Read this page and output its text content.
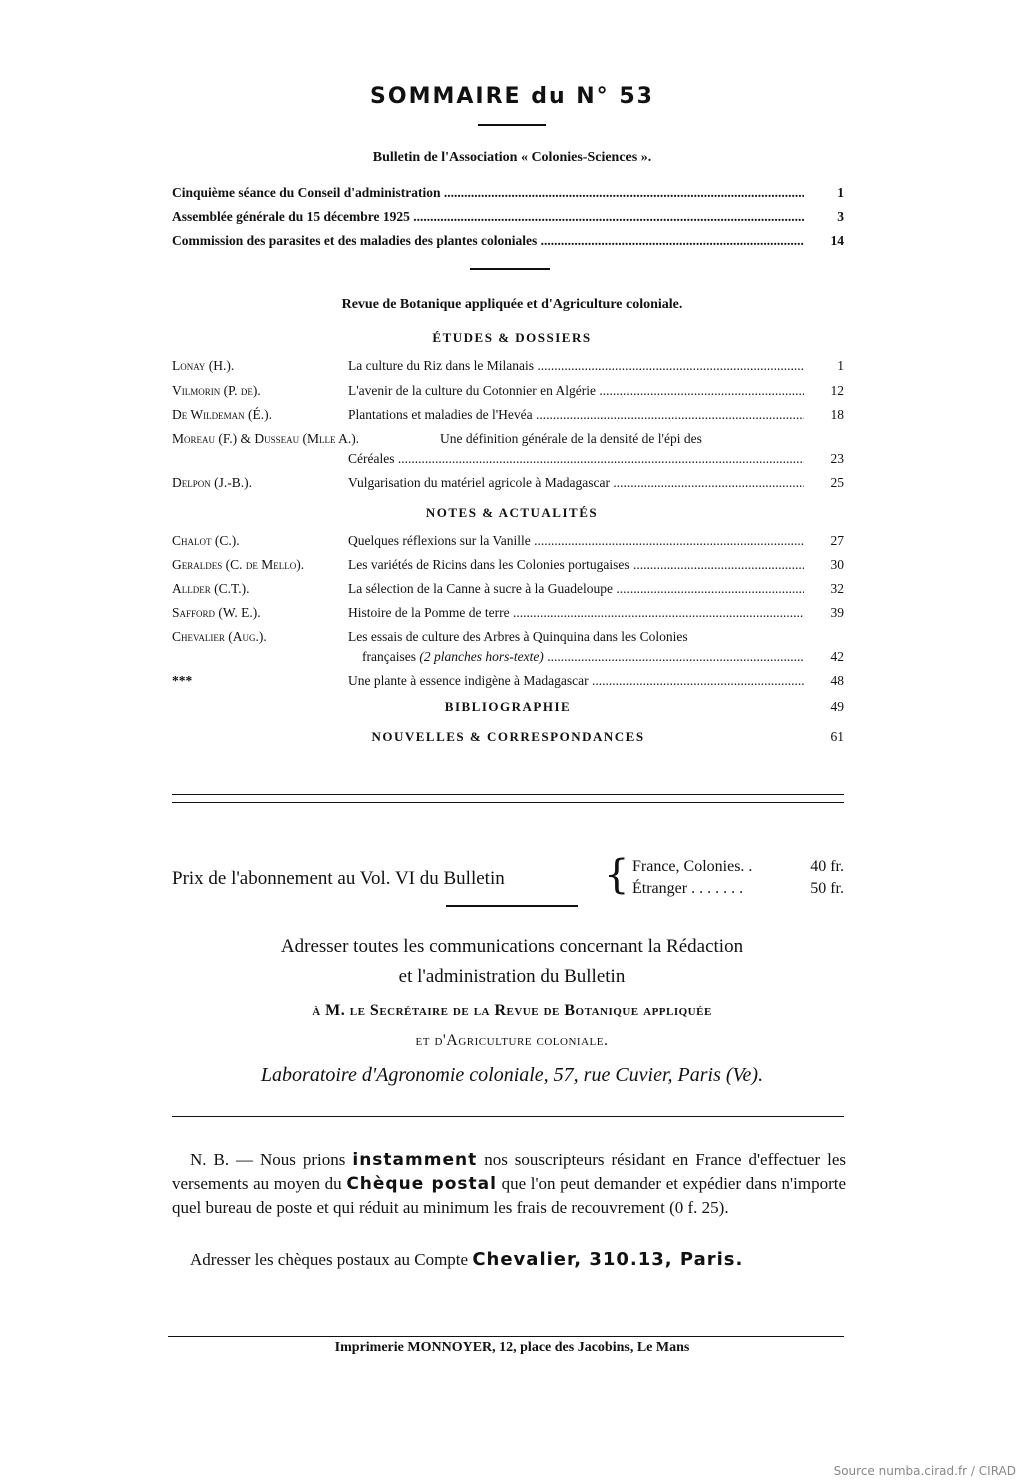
SOMMAIRE du N° 53
Bulletin de l'Association « Colonies-Sciences ».
Cinquième séance du Conseil d'administration .....	1
Assemblée générale du 15 décembre 1925 .....	3
Commission des parasites et des maladies des plantes coloniales .....	14
Revue de Botanique appliquée et d'Agriculture coloniale.
ÉTUDES & DOSSIERS
Lonay (H.).	La culture du Riz dans le Milanais .....	1
Vilmorin (P. de).	L'avenir de la culture du Cotonnier en Algérie .....	12
De Wildeman (É.).	Plantations et maladies de l'Hevéa .....	18
Moreau (F.) & Dusseau (Mlle A.).	Une définition générale de la densité de l'épi des
Céréales .....	23
Delpon (J.-B.).	Vulgarisation du matériel agricole à Madagascar .....	25
NOTES & ACTUALITÉS
Chalot (C.).	Quelques réflexions sur la Vanille .....	27
Geraldes (C. de Mello).	Les variétés de Ricins dans les Colonies portugaises .....	30
Allder (C.T.).	La sélection de la Canne à sucre à la Guadeloupe .....	32
Safford (W. E.).	Histoire de la Pomme de terre .....	39
Chevalier (Aug.).	Les essais de culture des Arbres à Quinquina dans les Colonies
françaises (2 planches hors-texte) .....	42
***	Une plante à essence indigène à Madagascar .....	48
BIBLIOGRAPHIE	49
NOUVELLES & CORRESPONDANCES	61
Prix de l'abonnement au Vol. VI du Bulletin { France, Colonies. .	40 fr.
Étranger . . . . . . .	50 fr.
Adresser toutes les communications concernant la Rédaction
et l'administration du Bulletin
à M. le Secrétaire de la Revue de Botanique appliquée
et d'Agriculture coloniale.
Laboratoire d'Agronomie coloniale, 57, rue Cuvier, Paris (Ve).
N. B. — Nous prions instamment nos souscripteurs résidant en France d'effectuer les versements au moyen du Chèque postal que l'on peut demander et expédier dans n'importe quel bureau de poste et qui réduit au minimum les frais de recouvrement (0 f. 25).
Adresser les chèques postaux au Compte Chevalier, 310.13, Paris.
Imprimerie MONNOYER, 12, place des Jacobins, Le Mans
Source numba.cirad.fr / CIRAD
